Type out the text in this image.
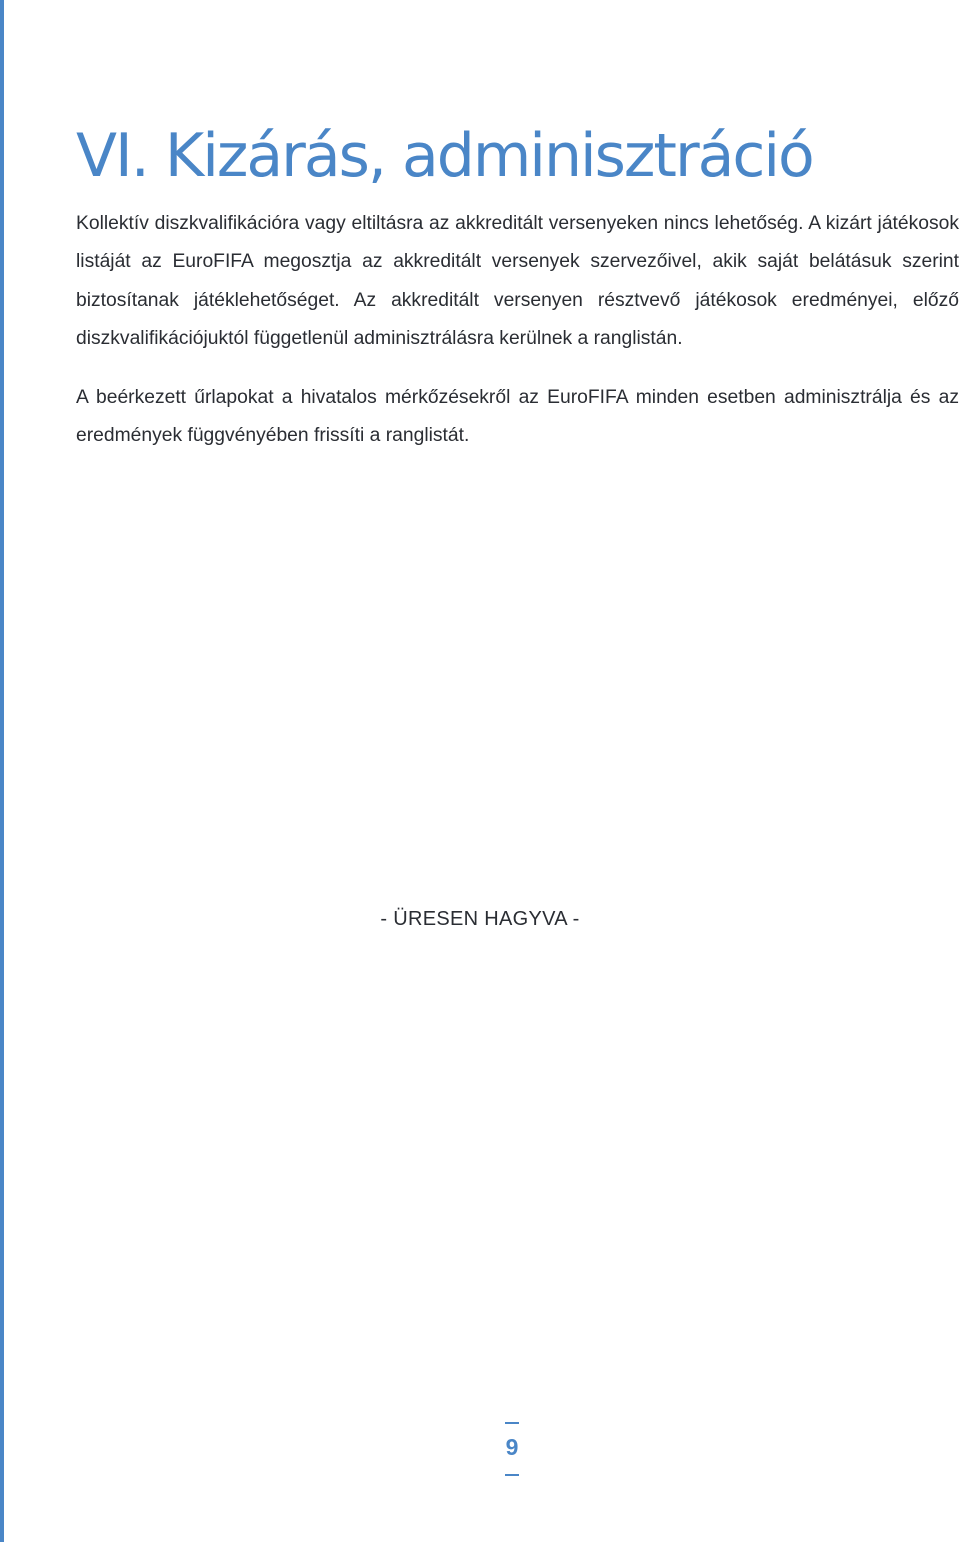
VI. Kizárás, adminisztráció

Kollektív diszkvalifikációra vagy eltiltásra az akkreditált versenyeken nincs lehetőség. A kizárt játékosok listáját az EuroFIFA megosztja az akkreditált versenyek szervezőivel, akik saját belátásuk szerint biztosítanak játéklehetőséget. Az akkreditált versenyen résztvevő játékosok eredményei, előző diszkvalifikációjuktól függetlenül adminisztrálásra kerülnek a ranglistán.

A beérkezett űrlapokat a hivatalos mérkőzésekről az EuroFIFA minden esetben adminisztrálja és az eredmények függvényében frissíti a ranglistát.

- ÜRESEN HAGYVA -
9
